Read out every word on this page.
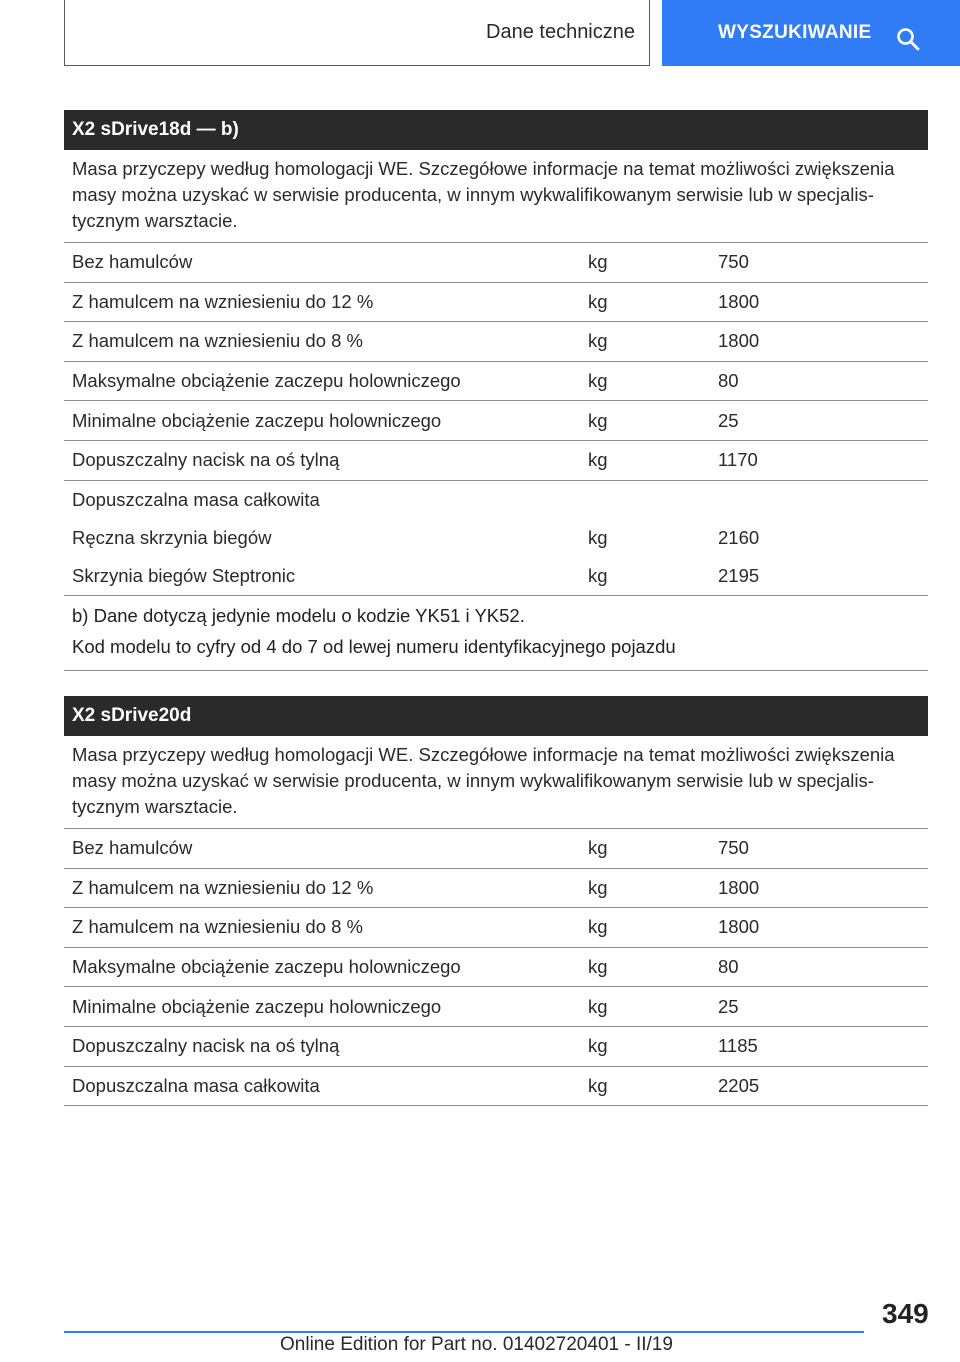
Dane techniczne	WYSZUKIWANIE
X2 sDrive18d — b)
Masa przyczepy według homologacji WE. Szczegółowe informacje na temat możliwości zwiększenia masy można uzyskać w serwisie producenta, w innym wykwalifikowanym serwisie lub w specjalistycznym warsztacie.
Bez hamulców	kg	750
Z hamulcem na wzniesieniu do 12 %	kg	1800
Z hamulcem na wzniesieniu do 8 %	kg	1800
Maksymalne obciążenie zaczepu holowniczego	kg	80
Minimalne obciążenie zaczepu holowniczego	kg	25
Dopuszczalny nacisk na oś tylną	kg	1170
Dopuszczalna masa całkowita
Ręczna skrzynia biegów	kg	2160
Skrzynia biegów Steptronic	kg	2195
b) Dane dotyczą jedynie modelu o kodzie YK51 i YK52.
Kod modelu to cyfry od 4 do 7 od lewej numeru identyfikacyjnego pojazdu
X2 sDrive20d
Masa przyczepy według homologacji WE. Szczegółowe informacje na temat możliwości zwiększenia masy można uzyskać w serwisie producenta, w innym wykwalifikowanym serwisie lub w specjalistycznym warsztacie.
Bez hamulców	kg	750
Z hamulcem na wzniesieniu do 12 %	kg	1800
Z hamulcem na wzniesieniu do 8 %	kg	1800
Maksymalne obciążenie zaczepu holowniczego	kg	80
Minimalne obciążenie zaczepu holowniczego	kg	25
Dopuszczalny nacisk na oś tylną	kg	1185
Dopuszczalna masa całkowita	kg	2205
349
Online Edition for Part no. 01402720401 - II/19
